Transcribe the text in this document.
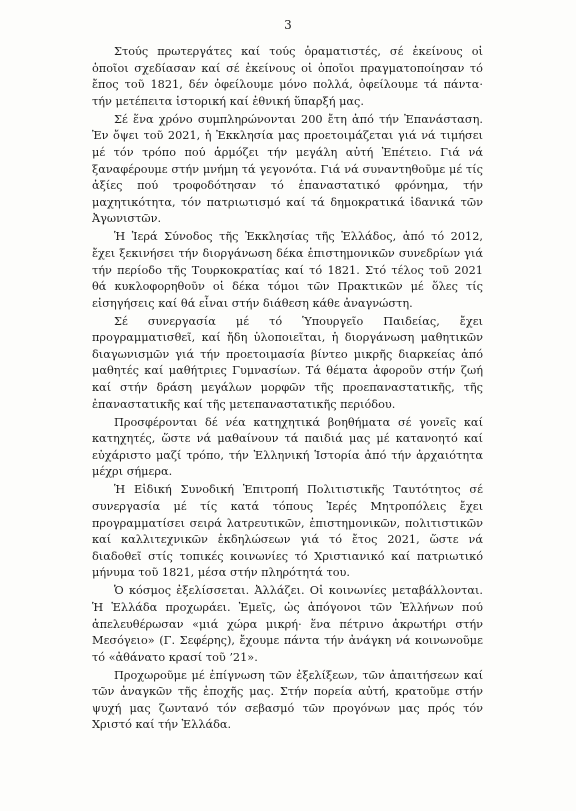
3

Στούς πρωτεργάτες καί τούς ὁραματιστές, σέ ἐκείνους οἱ ὁποῖοι σχεδίασαν καί σέ ἐκείνους οἱ ὁποῖοι πραγματοποίησαν τό ἔπος τοῦ 1821, δέν ὀφείλουμε μόνο πολλά, ὀφείλουμε τά πάντα· τήν μετέπειτα ἱστορική καί ἐθνική ὕπαρξή μας.

Σέ ἕνα χρόνο συμπληρώνονται 200 ἔτη ἀπό τήν Ἐπανάσταση. Ἐν ὄψει τοῦ 2021, ἡ Ἐκκλησία μας προετοιμάζεται γιά νά τιμήσει μέ τόν τρόπο πού ἁρμόζει τήν μεγάλη αὐτή Ἐπέτειο. Γιά νά ξαναφέρουμε στήν μνήμη τά γεγονότα. Γιά νά συναντηθοῦμε μέ τίς ἀξίες πού τροφοδότησαν τό ἐπαναστατικό φρόνημα, τήν μαχητικότητα, τόν πατριωτισμό καί τά δημοκρατικά ἰδανικά τῶν Ἀγωνιστῶν.

Ἡ Ἱερά Σύνοδος τῆς Ἐκκλησίας τῆς Ἑλλάδος, ἀπό τό 2012, ἔχει ξεκινήσει τήν διοργάνωση δέκα ἐπιστημονικῶν συνεδρίων γιά τήν περίοδο τῆς Τουρκοκρατίας καί τό 1821. Στό τέλος τοῦ 2021 θά κυκλοφορηθοῦν οἱ δέκα τόμοι τῶν Πρακτικῶν μέ ὅλες τίς εἰσηγήσεις καί θά εἶναι στήν διάθεση κάθε ἀναγνώστη.

Σέ συνεργασία μέ τό Ὑπουργεῖο Παιδείας, ἔχει προγραμματισθεῖ, καί ἤδη ὑλοποιεῖται, ἡ διοργάνωση μαθητικῶν διαγωνισμῶν γιά τήν προετοιμασία βίντεο μικρῆς διαρκείας ἀπό μαθητές καί μαθήτριες Γυμνασίων. Τά θέματα ἀφοροῦν στήν ζωή καί στήν δράση μεγάλων μορφῶν τῆς προεπαναστατικῆς, τῆς ἐπαναστατικῆς καί τῆς μετεπαναστατικῆς περιόδου.

Προσφέρονται δέ νέα κατηχητικά βοηθήματα σέ γονεῖς καί κατηχητές, ὥστε νά μαθαίνουν τά παιδιά μας μέ κατανοητό καί εὐχάριστο μαζί τρόπο, τήν Ἑλληνική Ἱστορία ἀπό τήν ἀρχαιότητα μέχρι σήμερα.

Ἡ Εἰδική Συνοδική Ἐπιτροπή Πολιτιστικῆς Ταυτότητος σέ συνεργασία μέ τίς κατά τόπους Ἱερές Μητροπόλεις ἔχει προγραμματίσει σειρά λατρευτικῶν, ἐπιστημονικῶν, πολιτιστικῶν καί καλλιτεχνικῶν ἐκδηλώσεων γιά τό ἔτος 2021, ὥστε νά διαδοθεῖ στίς τοπικές κοινωνίες τό Χριστιανικό καί πατριωτικό μήνυμα τοῦ 1821, μέσα στήν πληρότητά του.

Ὁ κόσμος ἐξελίσσεται. Ἀλλάζει. Οἱ κοινωνίες μεταβάλλονται. Ἡ Ἑλλάδα προχωράει. Ἐμεῖς, ὡς ἀπόγονοι τῶν Ἑλλήνων πού ἀπελευθέρωσαν «μιά χώρα μικρή· ἕνα πέτρινο ἀκρωτήρι στήν Μεσόγειο» (Γ. Σεφέρης), ἔχουμε πάντα τήν ἀνάγκη νά κοινωνοῦμε τό «ἀθάνατο κρασί τοῦ ’21».

Προχωροῦμε μέ ἐπίγνωση τῶν ἐξελίξεων, τῶν ἀπαιτήσεων καί τῶν ἀναγκῶν τῆς ἐποχῆς μας. Στήν πορεία αὐτή, κρατοῦμε στήν ψυχή μας ζωντανό τόν σεβασμό τῶν προγόνων μας πρός τόν Χριστό καί τήν Ἑλλάδα.
